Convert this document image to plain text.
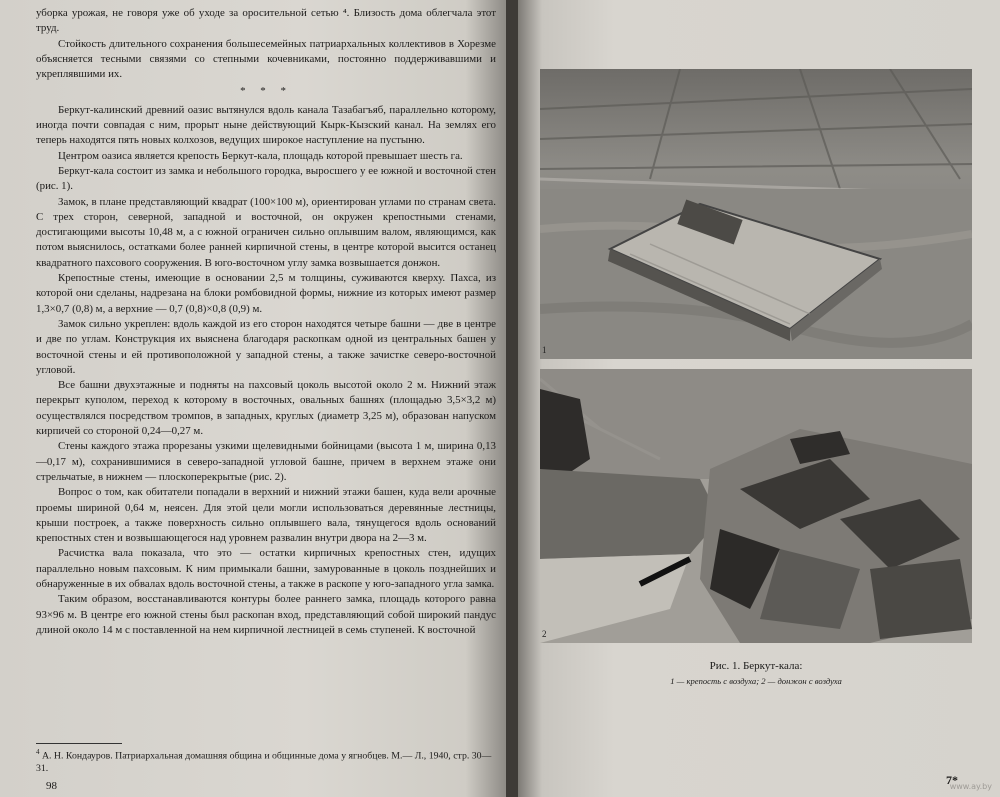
уборка урожая, не говоря уже об уходе за оросительной сетью ⁴. Близость дома облегчала этот труд.

Стойкость длительного сохранения большесемейных патриархальных коллективов в Хорезме объясняется тесными связями со степными кочевниками, постоянно поддерживавшими и укреплявшими их.

* * *

Беркут-калинский древний оазис вытянулся вдоль канала Тазабагъяб, параллельно которому, иногда почти совпадая с ним, прорыт ныне действующий Кырк-Кызский канал. На землях его теперь находятся пять новых колхозов, ведущих широкое наступление на пустыню.

Центром оазиса является крепость Беркут-кала, площадь которой превышает шесть га.

Беркут-кала состоит из замка и небольшого городка, выросшего у ее южной и восточной стен (рис. 1).

Замок, в плане представляющий квадрат (100×100 м), ориентирован углами по странам света. С трех сторон, северной, западной и восточной, он окружен крепостными стенами, достигающими высоты 10,48 м, а с южной ограничен сильно оплывшим валом, являющимся, как потом выяснилось, остатками более ранней кирпичной стены, в центре которой высится останец квадратного пахсового сооружения. В юго-восточном углу замка возвышается донжон.

Крепостные стены, имеющие в основании 2,5 м толщины, суживаются кверху. Пахса, из которой они сделаны, надрезана на блоки ромбовидной формы, нижние из которых имеют размер 1,3×0,7 (0,8) м, а верхние — 0,7 (0,8)×0,8 (0,9) м.

Замок сильно укреплен: вдоль каждой из его сторон находятся четыре башни — две в центре и две по углам. Конструкция их выяснена благодаря раскопкам одной из центральных башен у восточной стены и ей противоположной у западной стены, а также зачистке северо-восточной угловой.

Все башни двухэтажные и подняты на пахсовый цоколь высотой около 2 м. Нижний этаж перекрыт куполом, переход к которому в восточных, овальных башнях (площадью 3,5×3,2 м) осуществлялся посредством тромпов, в западных, круглых (диаметр 3,25 м), образован напуском кирпичей со стороной 0,24—0,27 м.

Стены каждого этажа прорезаны узкими щелевидными бойницами (высота 1 м, ширина 0,13—0,17 м), сохранившимися в северо-западной угловой башне, причем в верхнем этаже они стрельчатые, в нижнем — плоскоперекрытые (рис. 2).

Вопрос о том, как обитатели попадали в верхний и нижний этажи башен, куда вели арочные проемы шириной 0,64 м, неясен. Для этой цели могли использоваться деревянные лестницы, крыши построек, а также поверхность сильно оплывшего вала, тянущегося вдоль оснований крепостных стен и возвышающегося над уровнем развалин внутри двора на 2—3 м.

Расчистка вала показала, что это — остатки кирпичных крепостных стен, идущих параллельно новым пахсовым. К ним примыкали башни, замурованные в цоколь позднейших и обнаруженные в их обвалах вдоль восточной стены, а также в раскопе у юго-западного угла замка.

Таким образом, восстанавливаются контуры более раннего замка, площадь которого равна 93×96 м. В центре его южной стены был раскопан вход, представляющий собой широкий пандус длиной около 14 м с поставленной на нем кирпичной лестницей в семь ступеней. К восточной

$^4$ А. Н. Кондауров. Патриархальная домашняя община и общинные дома у ягнобцев. М.— Л., 1940, стр. 30—31.
98
1
2
Рис. 1. Беркут-кала:
1 — крепость с воздуха; 2 — донжон с воздуха
7*
www.ay.by
